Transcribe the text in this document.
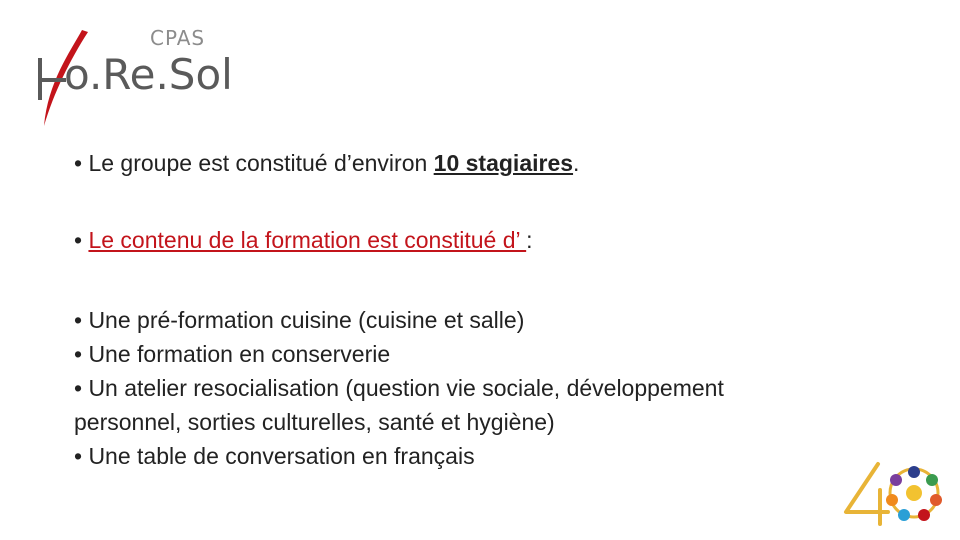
CPAS
o.Re.Sol
• Le groupe est constitué d’environ 10 stagiaires.
• Le contenu de la formation est constitué d’ :
• Une pré-formation cuisine (cuisine et salle)
• Une formation en conserverie
• Un atelier resocialisation (question vie sociale, développement
personnel, sorties culturelles, santé et hygiène)
• Une table de conversation en français
